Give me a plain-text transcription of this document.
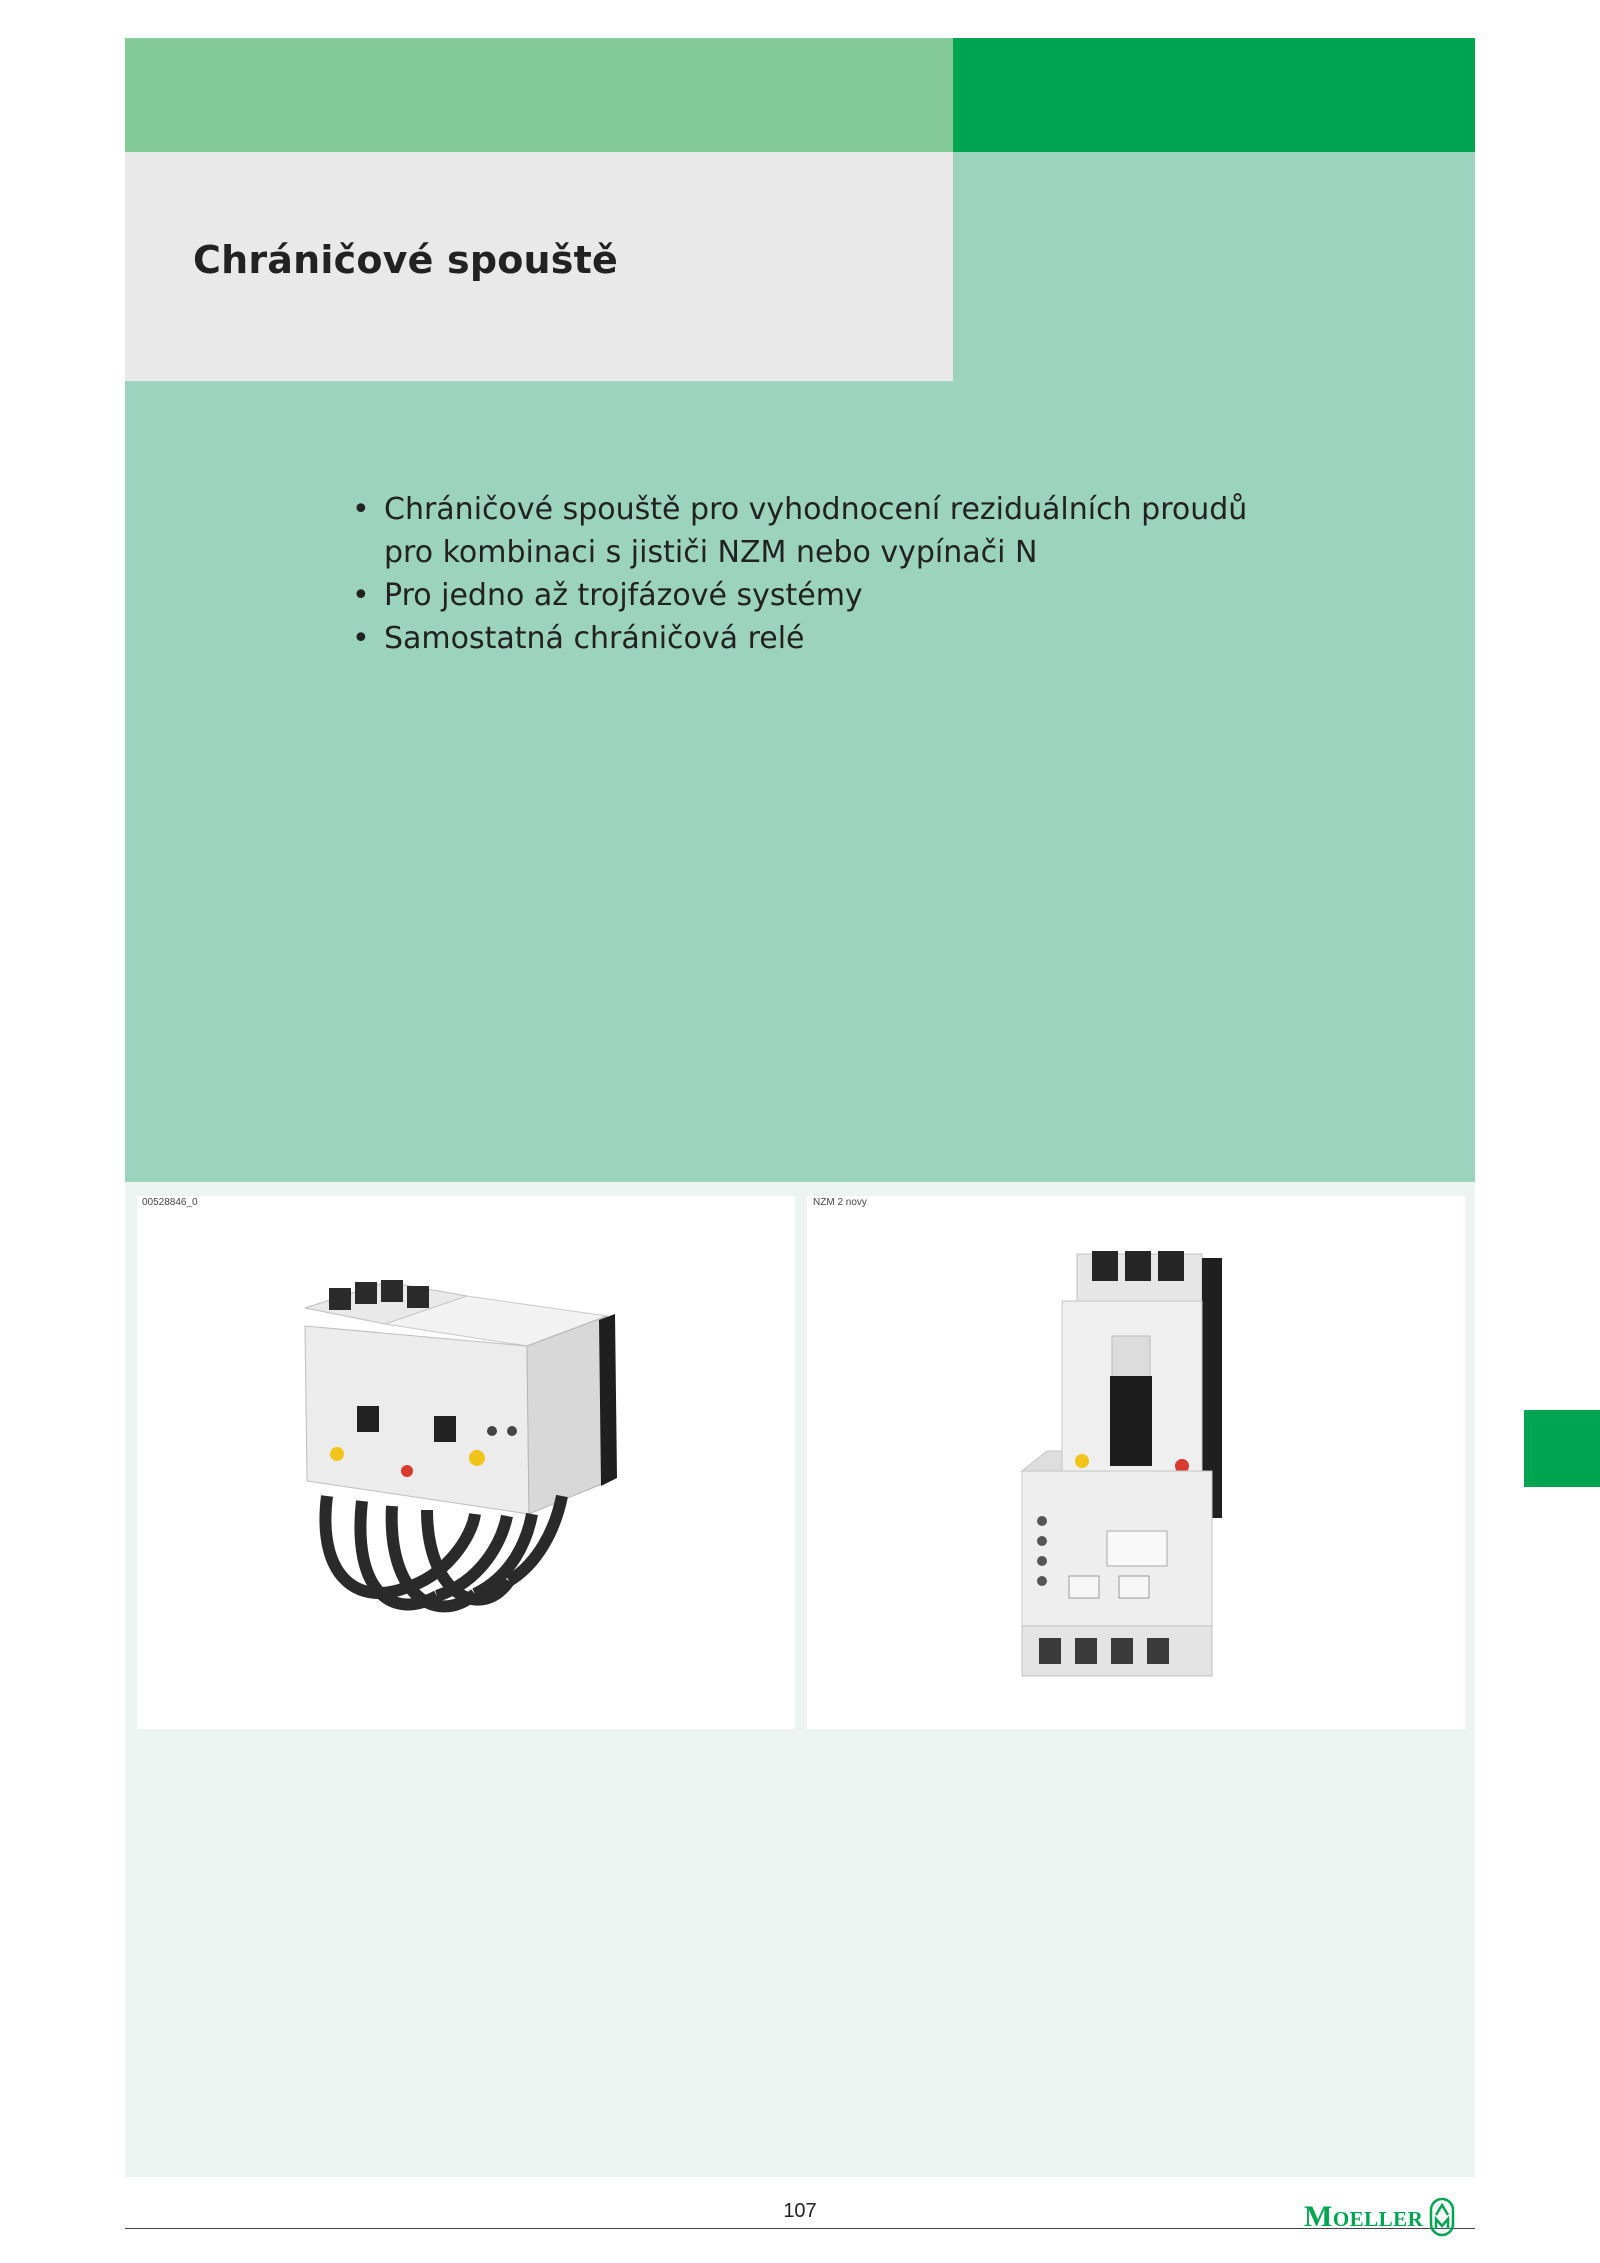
Chráničové spouště
• Chráničové spouště pro vyhodnocení reziduálních proudů pro kombinaci s jističi NZM nebo vypínači N
• Pro jedno až trojfázové systémy
• Samostatná chráničová relé
00528846_0	NZM 2 novy
107	Moeller
